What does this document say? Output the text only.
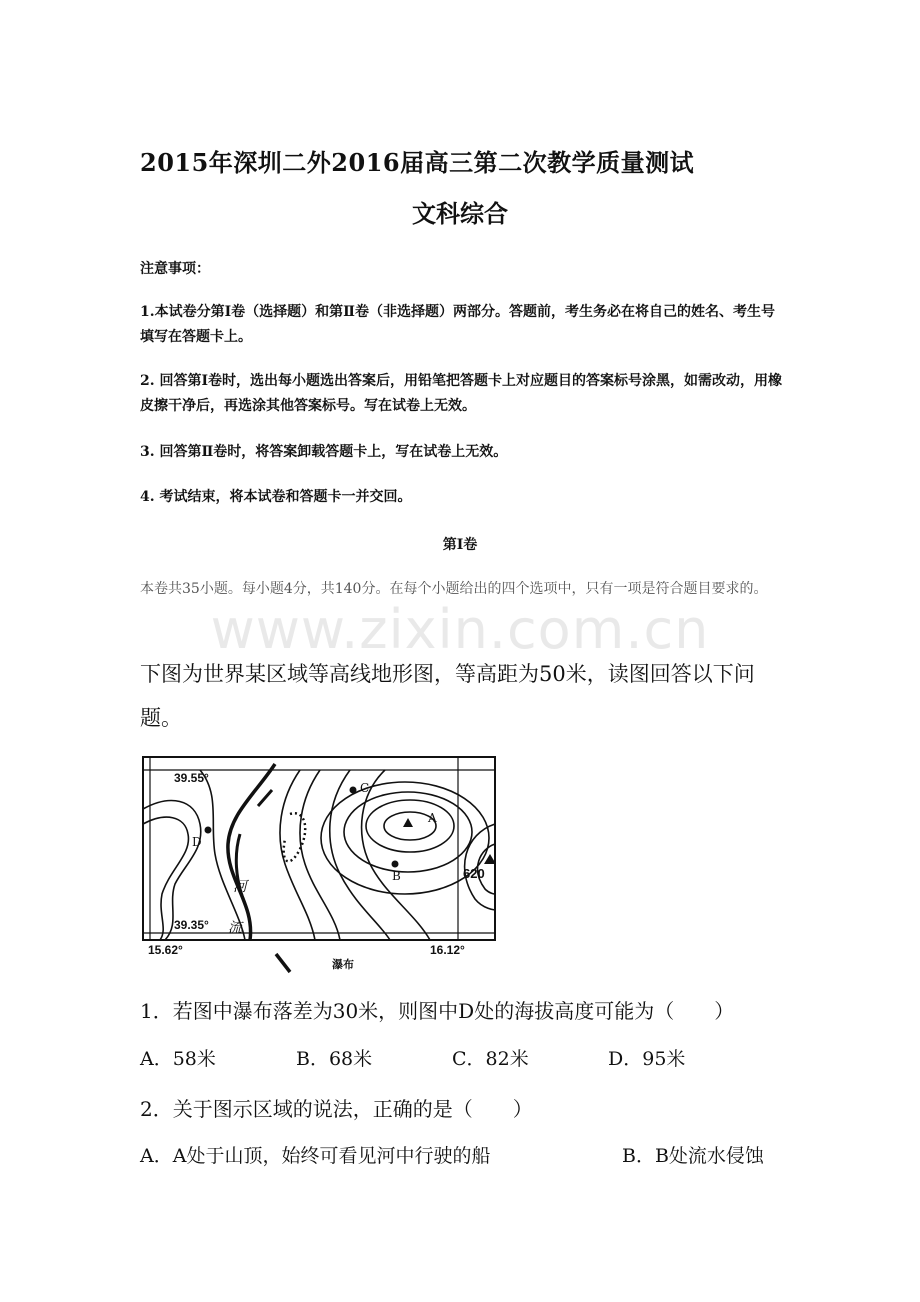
2015年深圳二外2016届高三第二次教学质量测试
文科综合
注意事项：
1.本试卷分第Ⅰ卷（选择题）和第Ⅱ卷（非选择题）两部分。答题前，考生务必在将自己的姓名、考生号填写在答题卡上。
2. 回答第Ⅰ卷时，选出每小题选出答案后，用铅笔把答题卡上对应题目的答案标号涂黑，如需改动，用橡皮擦干净后，再选涂其他答案标号。写在试卷上无效。
3. 回答第Ⅱ卷时，将答案卸载答题卡上，写在试卷上无效。
4. 考试结束，将本试卷和答题卡一并交回。
第Ⅰ卷
本卷共35小题。每小题4分，共140分。在每个小题给出的四个选项中，只有一项是符合题目要求的。
www.zixin.com.cn
下图为世界某区域等高线地形图，等高距为50米，读图回答以下问题。
39.55°
39.35°
15.62°	16.12°
瀑布
620
A
B
C
D
河
流
1．若图中瀑布落差为30米，则图中D处的海拔高度可能为（　　）
A．58米	B．68米	C．82米	D．95米
2．关于图示区域的说法，正确的是（　　）
A．A处于山顶，始终可看见河中行驶的船	B．B处流水侵蚀
